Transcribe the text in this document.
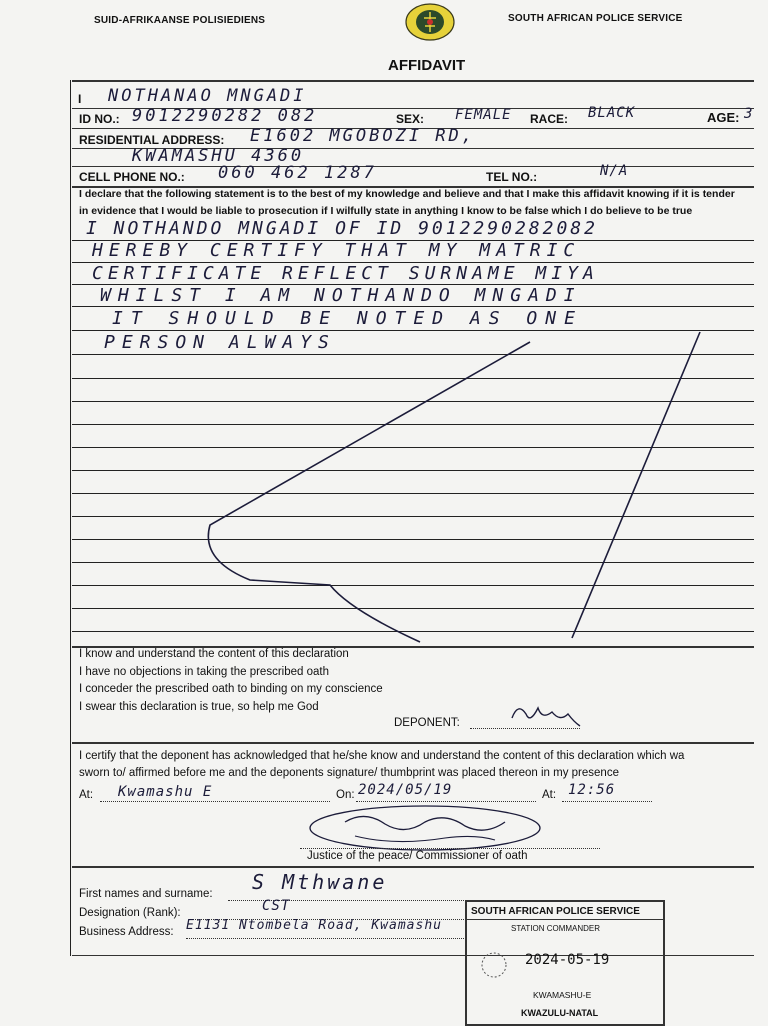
SUID-AFRIKAANSE POLISIEDIENS	SOUTH AFRICAN POLICE SERVICE
AFFIDAVIT
I NOTHANAO MNGADI
ID NO.: 9012290282 082	SEX: FEMALE RACE: BLACK	AGE: 3
RESIDENTIAL ADDRESS: E1602 MGOBOZI RD,
KWAMASHU 4360
CELL PHONE NO.: 060 462 1287	TEL NO.:	N/A
I declare that the following statement is to the best of my knowledge and believe and that I make this affidavit knowing if it is tender
in evidence that I would be liable to prosecution if I wilfully state in anything I know to be false which I do believe to be true
I NOTHANDO MNGADI OF ID 9012290282082
HEREBY CERTIFY THAT MY MATRIC
CERTIFICATE REFLECT SURNAME MIYA
WHILST I AM NOTHANDO MNGADI
IT SHOULD BE NOTED AS ONE
PERSON ALWAYS
I know and understand the content of this declaration
I have no objections in taking the prescribed oath
I conceder the prescribed oath to binding on my conscience
I swear this declaration is true, so help me God
DEPONENT:
I certify that the deponent has acknowledged that he/she know and understand the content of this declaration which wa
sworn to/ affirmed before me and the deponents signature/ thumbprint was placed thereon in my presence
At: Kwamashu E	On: 2024/05/19	At: 12:56
Justice of the peace/ Commissioner of oath
First names and surname: S Mthwane
Designation (Rank):	CST
Business Address: E1131 Ntombela Road, Kwamashu
SOUTH AFRICAN POLICE SERVICE
STATION COMMANDER
2024-05-19
KWAMASHU-E
KWAZULU-NATAL
